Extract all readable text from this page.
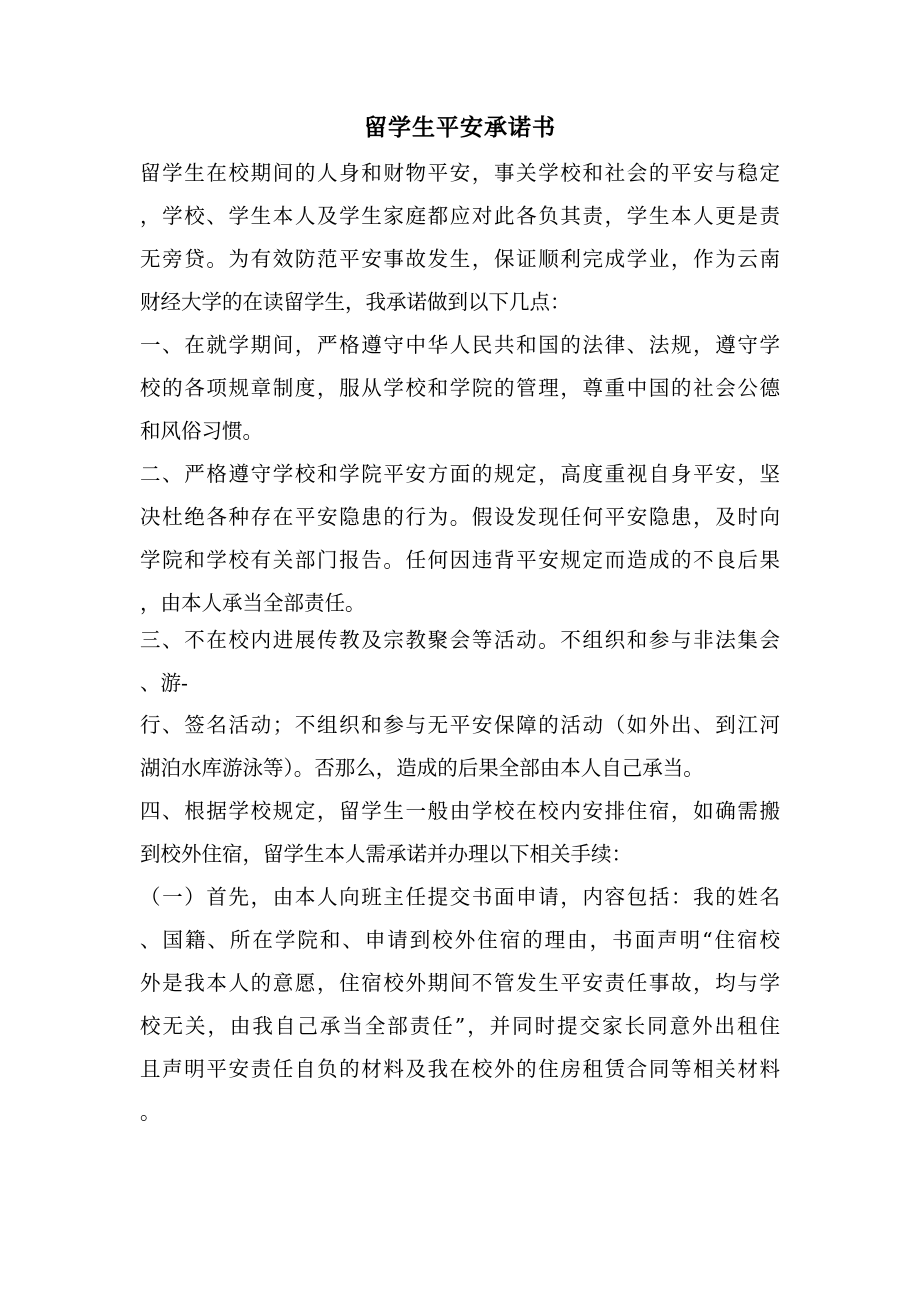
留学生平安承诺书
留学生在校期间的人身和财物平安，事关学校和社会的平安与稳定
，学校、学生本人及学生家庭都应对此各负其责，学生本人更是责
无旁贷。为有效防范平安事故发生，保证顺利完成学业，作为云南
财经大学的在读留学生，我承诺做到以下几点：
一、在就学期间，严格遵守中华人民共和国的法律、法规，遵守学
校的各项规章制度，服从学校和学院的管理，尊重中国的社会公德
和风俗习惯。
二、严格遵守学校和学院平安方面的规定，高度重视自身平安，坚
决杜绝各种存在平安隐患的行为。假设发现任何平安隐患，及时向
学院和学校有关部门报告。任何因违背平安规定而造成的不良后果
，由本人承当全部责任。
三、不在校内进展传教及宗教聚会等活动。不组织和参与非法集会
、游-
行、签名活动；不组织和参与无平安保障的活动（如外出、到江河
湖泊水库游泳等）。否那么，造成的后果全部由本人自己承当。
四、根据学校规定，留学生一般由学校在校内安排住宿，如确需搬
到校外住宿，留学生本人需承诺并办理以下相关手续：
（一）首先，由本人向班主任提交书面申请，内容包括：我的姓名
、国籍、所在学院和、申请到校外住宿的理由，书面声明“住宿校
外是我本人的意愿，住宿校外期间不管发生平安责任事故，均与学
校无关，由我自己承当全部责任”，并同时提交家长同意外出租住
且声明平安责任自负的材料及我在校外的住房租赁合同等相关材料
。
